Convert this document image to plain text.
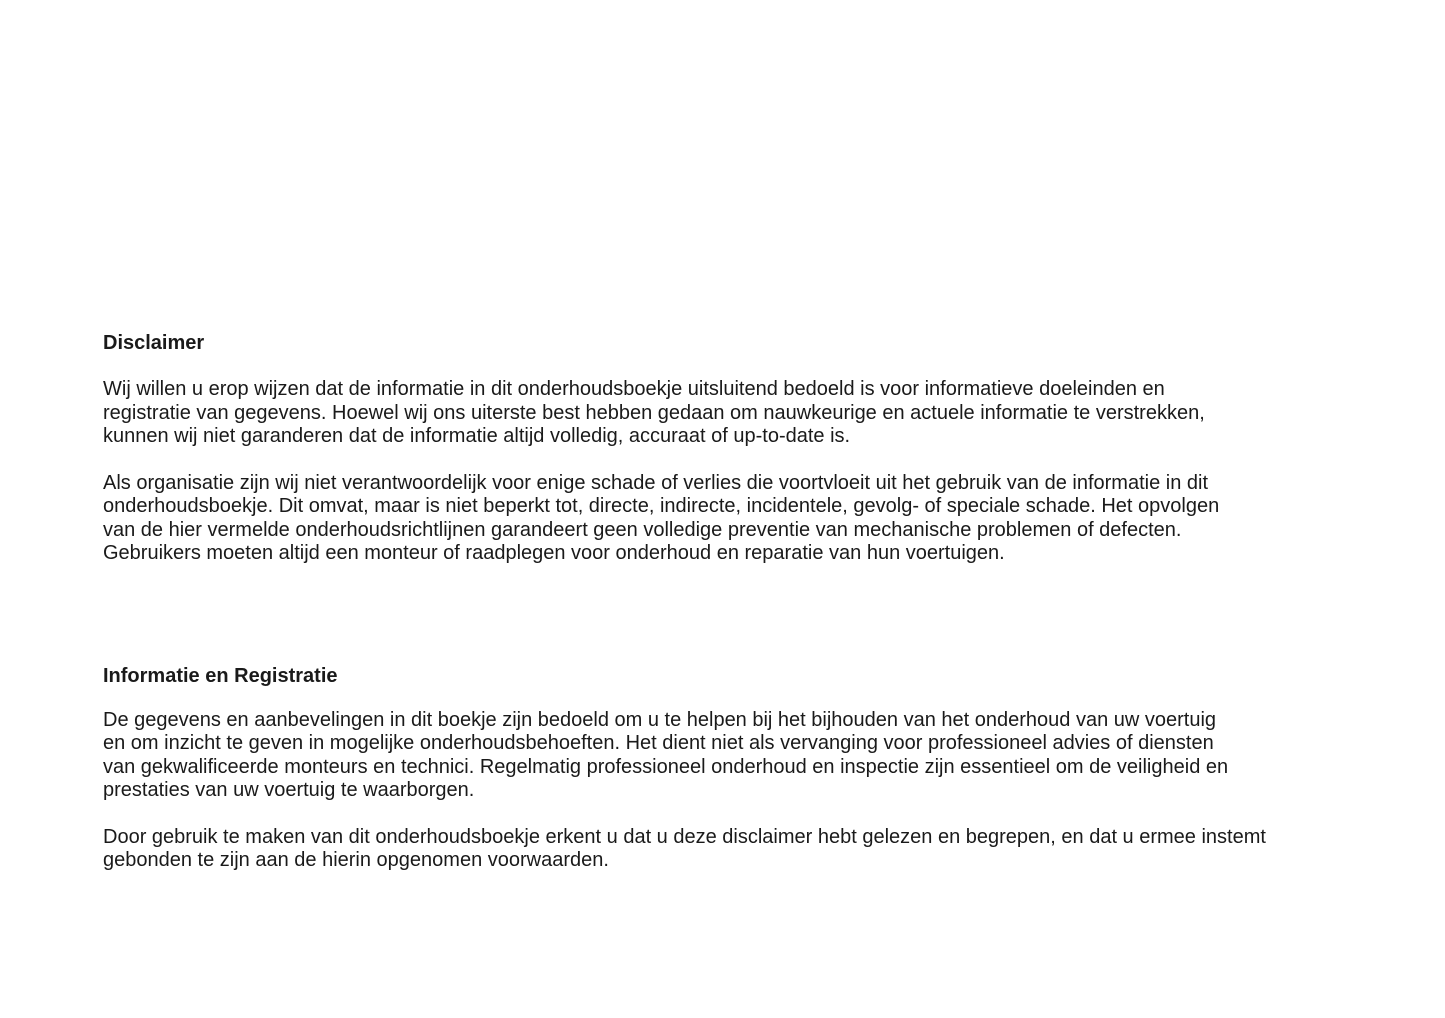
Disclaimer
Wij willen u erop wijzen dat de informatie in dit onderhoudsboekje uitsluitend bedoeld is voor informatieve doeleinden en
registratie van gegevens. Hoewel wij ons uiterste best hebben gedaan om nauwkeurige en actuele informatie te verstrekken,
kunnen wij niet garanderen dat de informatie altijd volledig, accuraat of up-to-date is.
Als organisatie zijn wij niet verantwoordelijk voor enige schade of verlies die voortvloeit uit het gebruik van de informatie in dit
onderhoudsboekje. Dit omvat, maar is niet beperkt tot, directe, indirecte, incidentele, gevolg- of speciale schade. Het opvolgen
van de hier vermelde onderhoudsrichtlijnen garandeert geen volledige preventie van mechanische problemen of defecten.
Gebruikers moeten altijd een monteur of raadplegen voor onderhoud en reparatie van hun voertuigen.
Informatie en Registratie
De gegevens en aanbevelingen in dit boekje zijn bedoeld om u te helpen bij het bijhouden van het onderhoud van uw voertuig
en om inzicht te geven in mogelijke onderhoudsbehoeften. Het dient niet als vervanging voor professioneel advies of diensten
van gekwalificeerde monteurs en technici. Regelmatig professioneel onderhoud en inspectie zijn essentieel om de veiligheid en
prestaties van uw voertuig te waarborgen.
Door gebruik te maken van dit onderhoudsboekje erkent u dat u deze disclaimer hebt gelezen en begrepen, en dat u ermee instemt
gebonden te zijn aan de hierin opgenomen voorwaarden.
